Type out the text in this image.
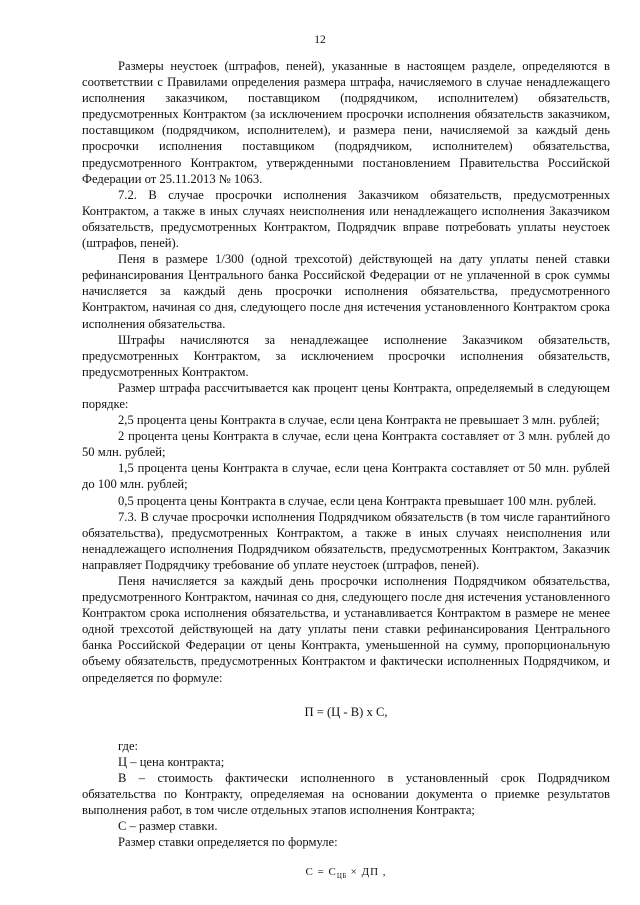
12

Размеры неустоек (штрафов, пеней), указанные в настоящем разделе, определяются в соответствии с Правилами определения размера штрафа, начисляемого в случае ненадлежащего исполнения заказчиком, поставщиком (подрядчиком, исполнителем) обязательств, предусмотренных Контрактом (за исключением просрочки исполнения обязательств заказчиком, поставщиком (подрядчиком, исполнителем), и размера пени, начисляемой за каждый день просрочки исполнения поставщиком (подрядчиком, исполнителем) обязательства, предусмотренного Контрактом, утвержденными постановлением Правительства Российской Федерации от 25.11.2013 № 1063.

7.2. В случае просрочки исполнения Заказчиком обязательств, предусмотренных Контрактом, а также в иных случаях неисполнения или ненадлежащего исполнения Заказчиком обязательств, предусмотренных Контрактом, Подрядчик вправе потребовать уплаты неустоек (штрафов, пеней).

Пеня в размере 1/300 (одной трехсотой) действующей на дату уплаты пеней ставки рефинансирования Центрального банка Российской Федерации от не уплаченной в срок суммы начисляется за каждый день просрочки исполнения обязательства, предусмотренного Контрактом, начиная со дня, следующего после дня истечения установленного Контрактом срока исполнения обязательства.

Штрафы начисляются за ненадлежащее исполнение Заказчиком обязательств, предусмотренных Контрактом, за исключением просрочки исполнения обязательств, предусмотренных Контрактом.

Размер штрафа рассчитывается как процент цены Контракта, определяемый в следующем порядке:

2,5 процента цены Контракта в случае, если цена Контракта не превышает 3 млн. рублей;

2 процента цены Контракта в случае, если цена Контракта составляет от 3 млн. рублей до 50 млн. рублей;

1,5 процента цены Контракта в случае, если цена Контракта составляет от 50 млн. рублей до 100 млн. рублей;

0,5 процента цены Контракта в случае, если цена Контракта превышает 100 млн. рублей.

7.3. В случае просрочки исполнения Подрядчиком обязательств (в том числе гарантийного обязательства), предусмотренных Контрактом, а также в иных случаях неисполнения или ненадлежащего исполнения Подрядчиком обязательств, предусмотренных Контрактом, Заказчик направляет Подрядчику требование об уплате неустоек (штрафов, пеней).

Пеня начисляется за каждый день просрочки исполнения Подрядчиком обязательства, предусмотренного Контрактом, начиная со дня, следующего после дня истечения установленного Контрактом срока исполнения обязательства, и устанавливается Контрактом в размере не менее одной трехсотой действующей на дату уплаты пени ставки рефинансирования Центрального банка Российской Федерации от цены Контракта, уменьшенной на сумму, пропорциональную объему обязательств, предусмотренных Контрактом и фактически исполненных Подрядчиком, и определяется по формуле:

П = (Ц - В) х С,

где:

Ц – цена контракта;

В – стоимость фактически исполненного в установленный срок Подрядчиком обязательства по Контракту, определяемая на основании документа о приемке результатов выполнения работ, в том числе отдельных этапов исполнения Контракта;

С – размер ставки.

Размер ставки определяется по формуле:

$С = С_{ЦБ}$ × ДП ,
